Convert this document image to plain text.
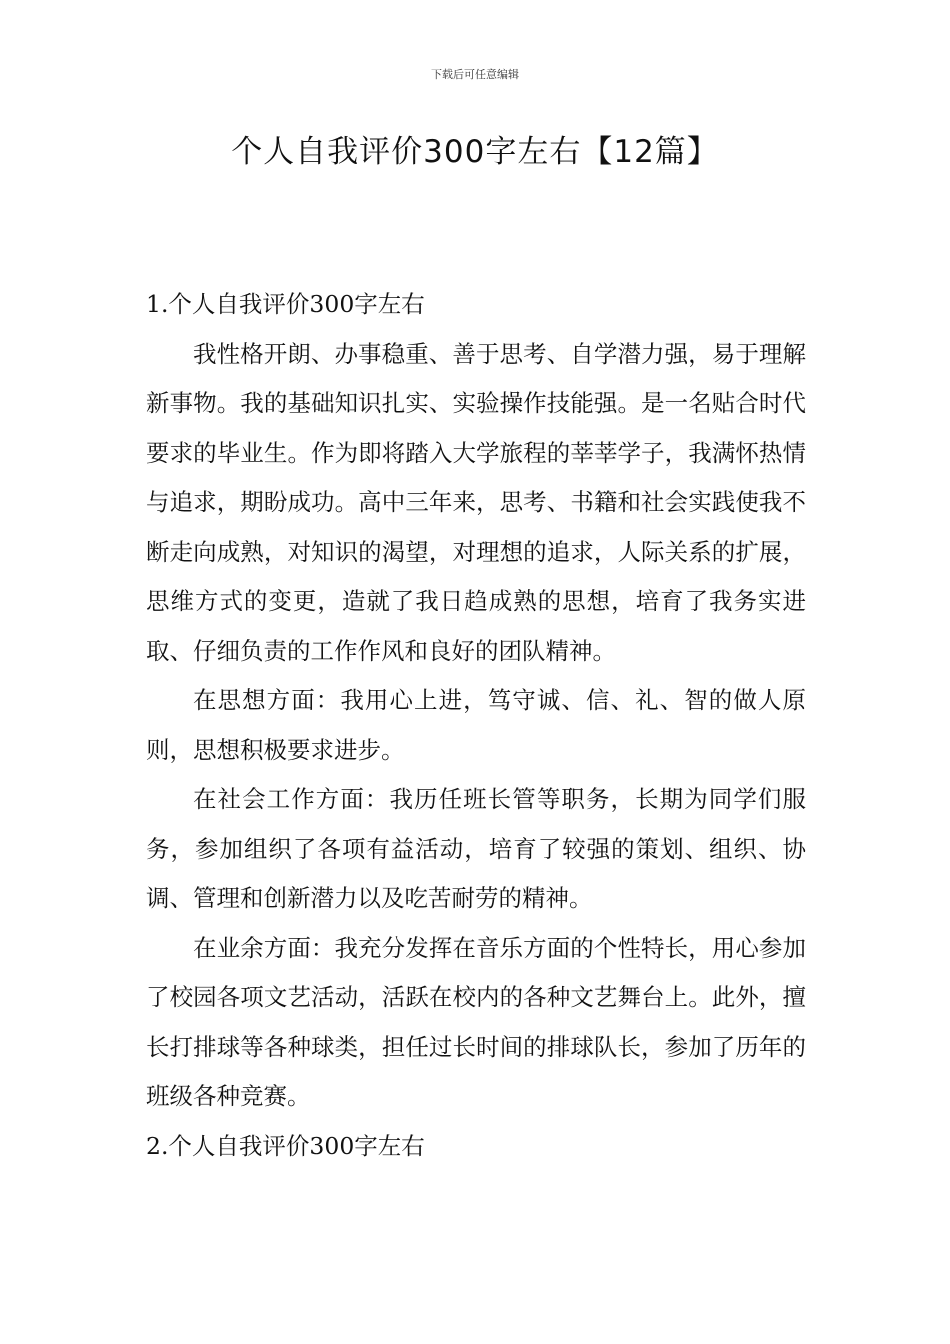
下载后可任意编辑
个人自我评价300字左右【12篇】

1.个人自我评价300字左右

我性格开朗、办事稳重、善于思考、自学潜力强，易于理解新事物。我的基础知识扎实、实验操作技能强。是一名贴合时代要求的毕业生。作为即将踏入大学旅程的莘莘学子，我满怀热情与追求，期盼成功。高中三年来，思考、书籍和社会实践使我不断走向成熟，对知识的渴望，对理想的追求，人际关系的扩展，思维方式的变更，造就了我日趋成熟的思想，培育了我务实进取、仔细负责的工作作风和良好的团队精神。

在思想方面：我用心上进，笃守诚、信、礼、智的做人原则，思想积极要求进步。

在社会工作方面：我历任班长管等职务，长期为同学们服务，参加组织了各项有益活动，培育了较强的策划、组织、协调、管理和创新潜力以及吃苦耐劳的精神。

在业余方面：我充分发挥在音乐方面的个性特长，用心参加了校园各项文艺活动，活跃在校内的各种文艺舞台上。此外，擅长打排球等各种球类，担任过长时间的排球队长，参加了历年的班级各种竞赛。

2.个人自我评价300字左右
